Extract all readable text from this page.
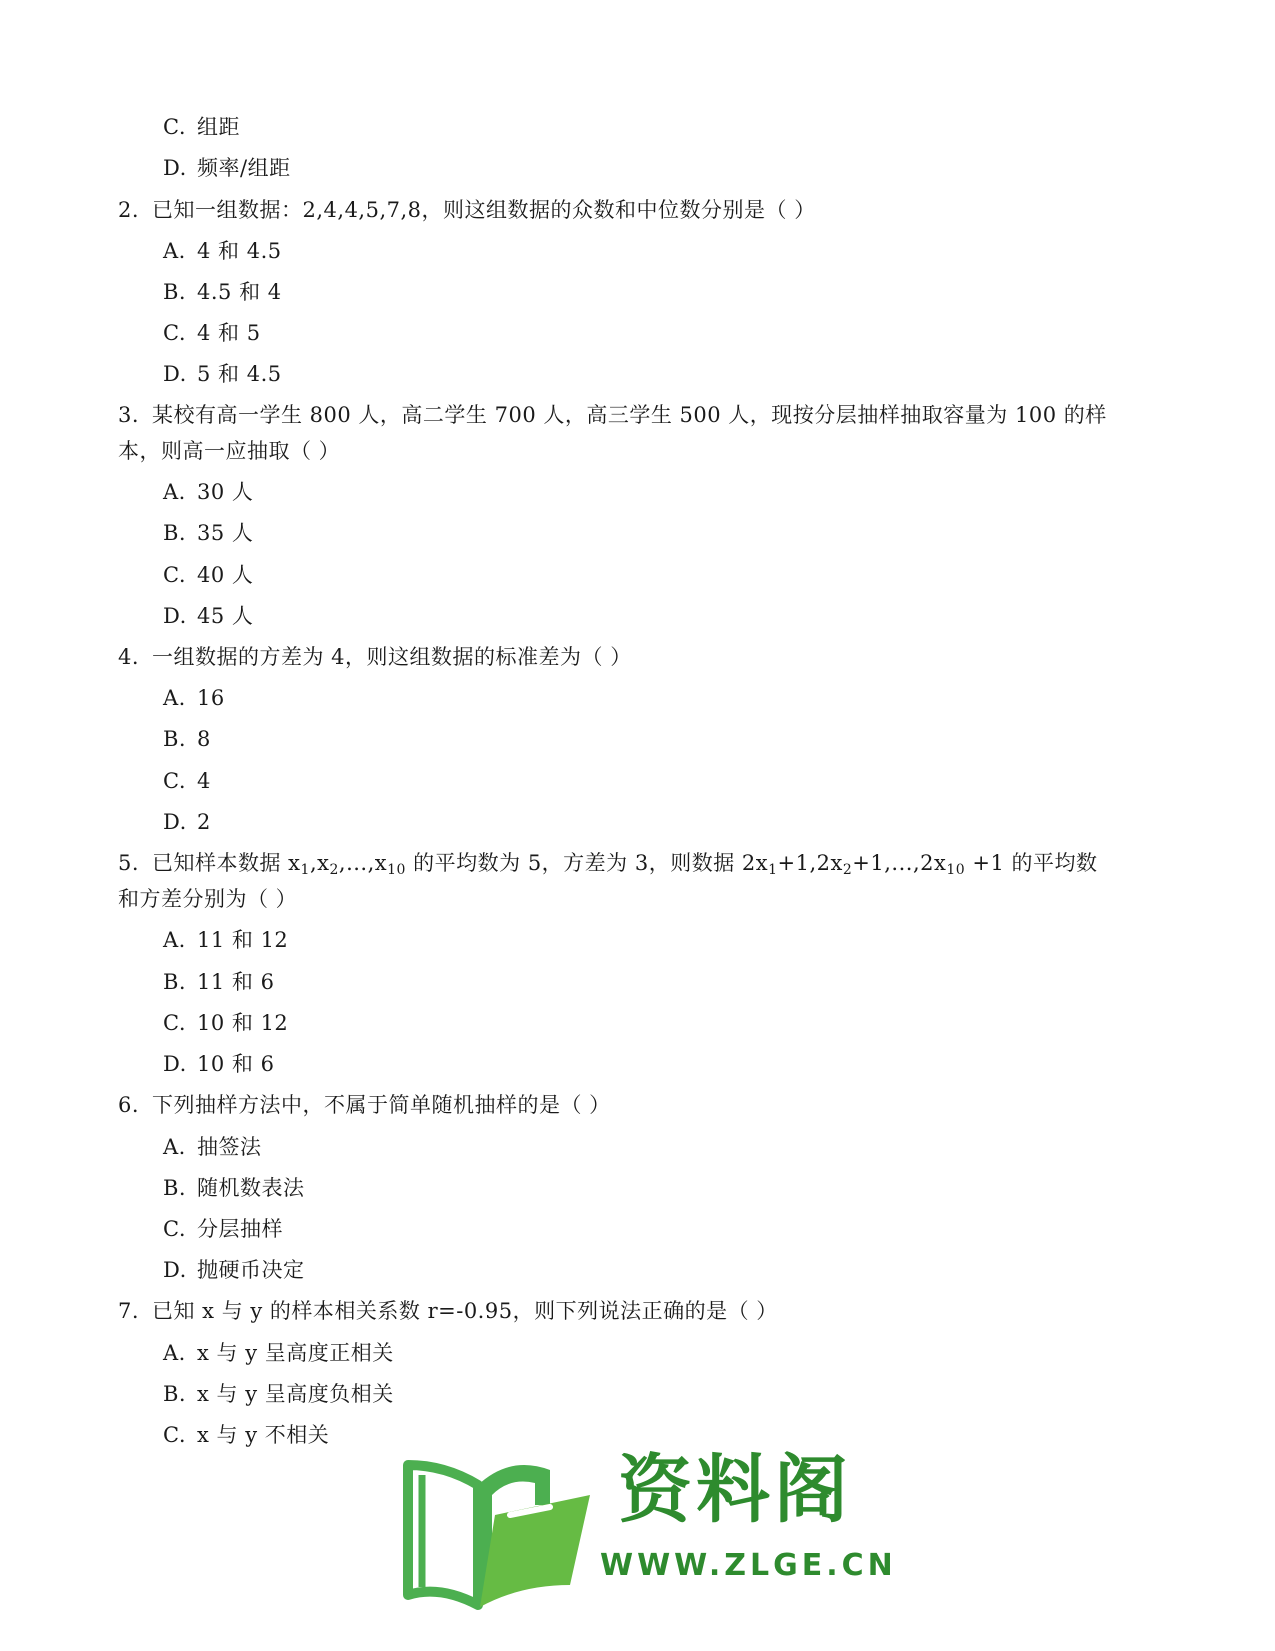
C. 组距
D. 频率/组距
2. 已知一组数据：2,4,4,5,7,8，则这组数据的众数和中位数分别是（ ）
A. 4 和 4.5
B. 4.5 和 4
C. 4 和 5
D. 5 和 4.5
3. 某校有高一学生 800 人，高二学生 700 人，高三学生 500 人，现按分层抽样抽取容量为 100 的样
本，则高一应抽取（ ）
A. 30 人
B. 35 人
C. 40 人
D. 45 人
4. 一组数据的方差为 4，则这组数据的标准差为（ ）
A. 16
B. 8
C. 4
D. 2
5. 已知样本数据 $x_1,x_2,...,x_{10}$ 的平均数为 5，方差为 3，则数据 $2x_1+1,2x_2+1,...,2x_{10} +1$ 的平均数
和方差分别为（ ）
A. 11 和 12
B. 11 和 6
C. 10 和 12
D. 10 和 6
6. 下列抽样方法中，不属于简单随机抽样的是（ ）
A. 抽签法
B. 随机数表法
C. 分层抽样
D. 抛硬币决定
7. 已知 x 与 y 的样本相关系数 r=-0.95，则下列说法正确的是（ ）
A. x 与 y 呈高度正相关
B. x 与 y 呈高度负相关
C. x 与 y 不相关
资料阁
WWW.ZLGE.CN
